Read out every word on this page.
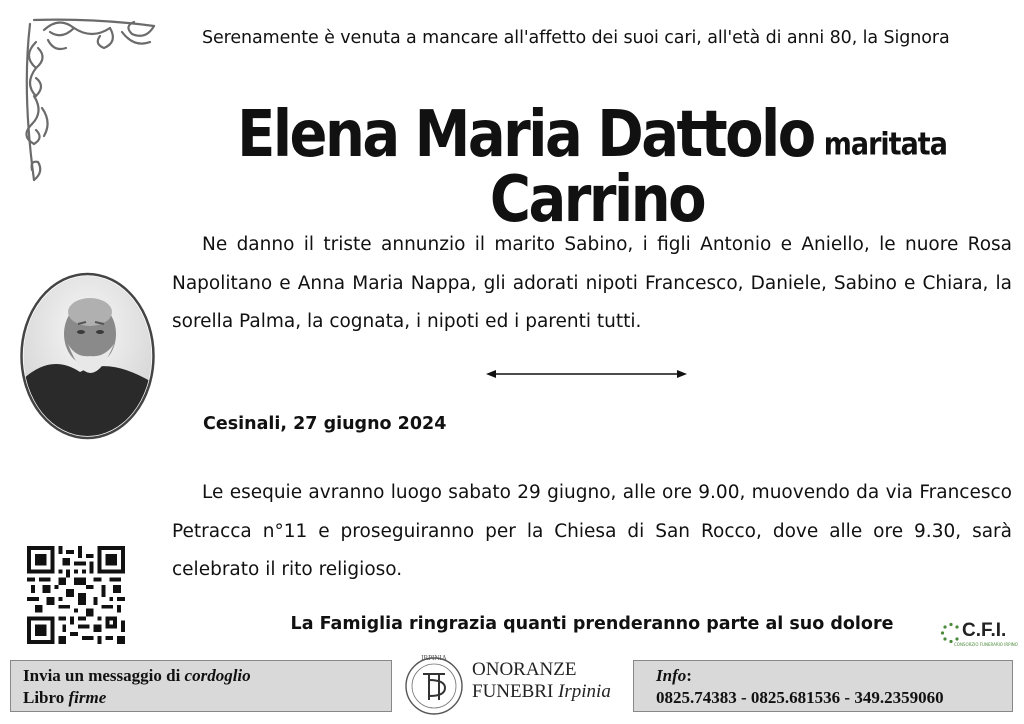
Serenamente è venuta a mancare all'affetto dei suoi cari, all'età di anni 80, la Signora
Elena Maria Dattolo maritataCarrino
Ne danno il triste annunzio il marito Sabino, i figli Antonio e Aniello, le nuore Rosa Napolitano e Anna Maria Nappa, gli adorati nipoti Francesco, Daniele, Sabino e Chiara, la sorella Palma, la cognata, i nipoti ed i parenti tutti.
Cesinali, 27 giugno 2024
Le esequie avranno luogo sabato 29 giugno, alle ore 9.00, muovendo da via Francesco Petracca n°11 e proseguiranno per la Chiesa di San Rocco, dove alle ore 9.30, sarà celebrato il rito religioso.
La Famiglia ringrazia quanti prenderanno parte al suo dolore	C.F.I.
CONSORZIO FUNERARIO IRPINO
Invia un messaggio di cordoglio
Libro firme
IRPINIA
ONORANZE
FUNEBRI Irpinia
Info:
0825.74383 - 0825.681536 - 349.2359060
